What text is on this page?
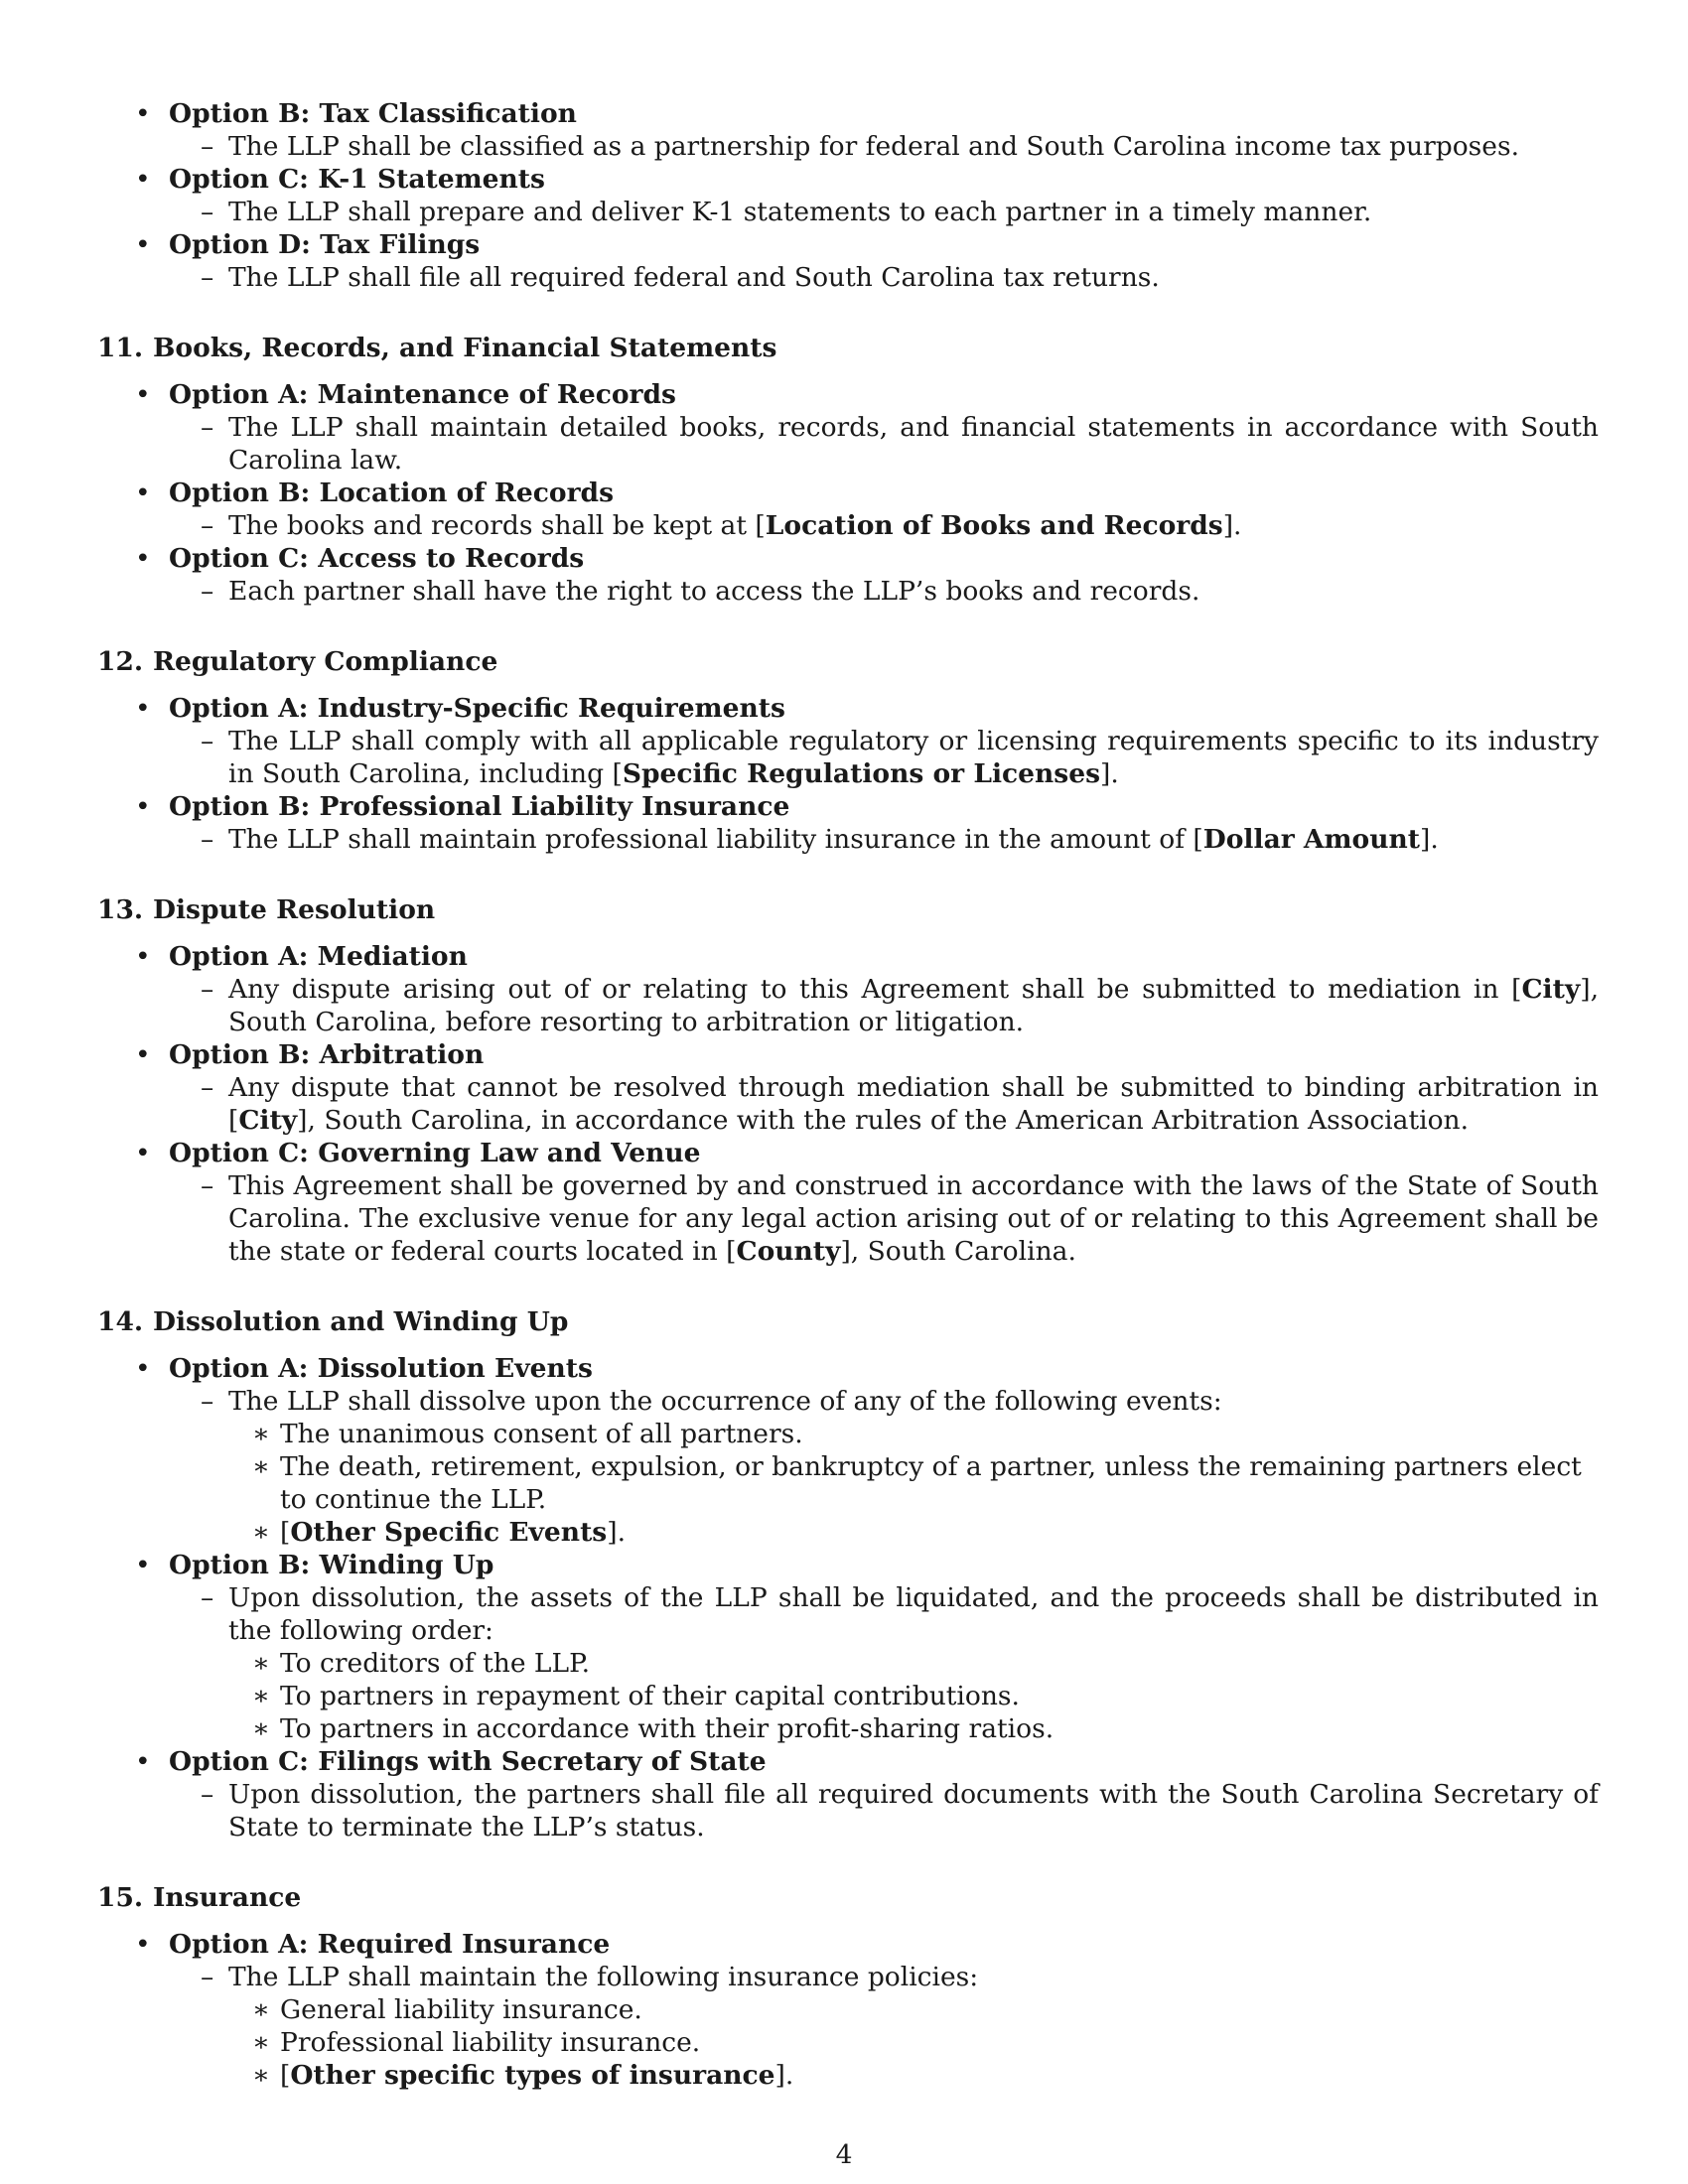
• Option B: Tax Classification
– The LLP shall be classified as a partnership for federal and South Carolina income tax purposes.
• Option C: K-1 Statements
– The LLP shall prepare and deliver K-1 statements to each partner in a timely manner.
• Option D: Tax Filings
– The LLP shall file all required federal and South Carolina tax returns.
11. Books, Records, and Financial Statements
• Option A: Maintenance of Records
– The LLP shall maintain detailed books, records, and financial statements in accordance with South Carolina law.
• Option B: Location of Records
– The books and records shall be kept at [Location of Books and Records].
• Option C: Access to Records
– Each partner shall have the right to access the LLP’s books and records.
12. Regulatory Compliance
• Option A: Industry-Specific Requirements
– The LLP shall comply with all applicable regulatory or licensing requirements specific to its industry in South Carolina, including [Specific Regulations or Licenses].
• Option B: Professional Liability Insurance
– The LLP shall maintain professional liability insurance in the amount of [Dollar Amount].
13. Dispute Resolution
• Option A: Mediation
– Any dispute arising out of or relating to this Agreement shall be submitted to mediation in [City], South Carolina, before resorting to arbitration or litigation.
• Option B: Arbitration
– Any dispute that cannot be resolved through mediation shall be submitted to binding arbitration in [City], South Carolina, in accordance with the rules of the American Arbitration Association.
• Option C: Governing Law and Venue
– This Agreement shall be governed by and construed in accordance with the laws of the State of South Carolina. The exclusive venue for any legal action arising out of or relating to this Agreement shall be the state or federal courts located in [County], South Carolina.
14. Dissolution and Winding Up
• Option A: Dissolution Events
– The LLP shall dissolve upon the occurrence of any of the following events:
∗ The unanimous consent of all partners.
∗ The death, retirement, expulsion, or bankruptcy of a partner, unless the remaining partners elect to continue the LLP.
∗ [Other Specific Events].
• Option B: Winding Up
– Upon dissolution, the assets of the LLP shall be liquidated, and the proceeds shall be distributed in the following order:
∗ To creditors of the LLP.
∗ To partners in repayment of their capital contributions.
∗ To partners in accordance with their profit-sharing ratios.
• Option C: Filings with Secretary of State
– Upon dissolution, the partners shall file all required documents with the South Carolina Secretary of State to terminate the LLP’s status.
15. Insurance
• Option A: Required Insurance
– The LLP shall maintain the following insurance policies:
∗ General liability insurance.
∗ Professional liability insurance.
∗ [Other specific types of insurance].
4
